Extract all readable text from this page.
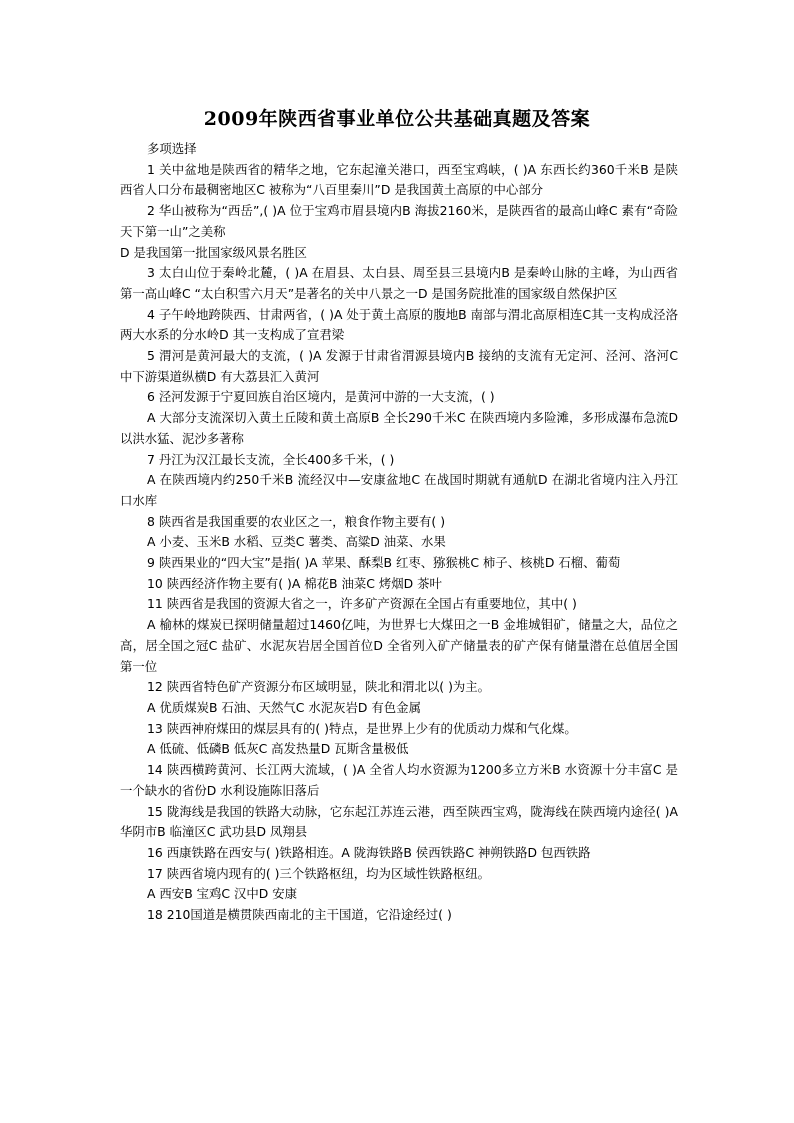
2009年陕西省事业单位公共基础真题及答案

多项选择

1 关中盆地是陕西省的精华之地，它东起潼关港口，西至宝鸡峡，( )A 东西长约360千米B 是陕西省人口分布最稠密地区C 被称为“八百里秦川”D 是我国黄土高原的中心部分

2 华山被称为“西岳”,( )A 位于宝鸡市眉县境内B 海拔2160米，是陕西省的最高山峰C 素有“奇险天下第一山”之美称

D 是我国第一批国家级风景名胜区

3 太白山位于秦岭北麓，( )A 在眉县、太白县、周至县三县境内B 是秦岭山脉的主峰，为山西省第一高山峰C “太白积雪六月天”是著名的关中八景之一D 是国务院批准的国家级自然保护区

4 子午岭地跨陕西、甘肃两省，( )A 处于黄土高原的腹地B 南部与渭北高原相连C其一支构成泾洛两大水系的分水岭D 其一支构成了宣君梁

5 渭河是黄河最大的支流，( )A 发源于甘肃省渭源县境内B 接纳的支流有无定河、泾河、洛河C 中下游渠道纵横D 有大荔县汇入黄河

6 泾河发源于宁夏回族自治区境内，是黄河中游的一大支流，( )

A 大部分支流深切入黄土丘陵和黄土高原B 全长290千米C 在陕西境内多险滩，多形成瀑布急流D 以洪水猛、泥沙多著称

7 丹江为汉江最长支流，全长400多千米，( )

A 在陕西境内约250千米B 流经汉中—安康盆地C 在战国时期就有通航D 在湖北省境内注入丹江口水库

8 陕西省是我国重要的农业区之一，粮食作物主要有( )

A 小麦、玉米B 水稻、豆类C 薯类、高粱D 油菜、水果

9 陕西果业的“四大宝”是指( )A 苹果、酥梨B 红枣、猕猴桃C 柿子、核桃D 石榴、葡萄

10 陕西经济作物主要有( )A 棉花B 油菜C 烤烟D 茶叶

11 陕西省是我国的资源大省之一，许多矿产资源在全国占有重要地位，其中( )

A 榆林的煤炭已探明储量超过1460亿吨，为世界七大煤田之一B 金堆城钼矿，储量之大，品位之高，居全国之冠C 盐矿、水泥灰岩居全国首位D 全省列入矿产储量表的矿产保有储量潜在总值居全国第一位

12 陕西省特色矿产资源分布区域明显，陕北和渭北以( )为主。

A 优质煤炭B 石油、天然气C 水泥灰岩D 有色金属

13 陕西神府煤田的煤层具有的( )特点，是世界上少有的优质动力煤和气化煤。

A 低硫、低磷B 低灰C 高发热量D 瓦斯含量极低

14 陕西横跨黄河、长江两大流域，( )A 全省人均水资源为1200多立方米B 水资源十分丰富C 是一个缺水的省份D 水利设施陈旧落后

15 陇海线是我国的铁路大动脉，它东起江苏连云港，西至陕西宝鸡，陇海线在陕西境内途径( )A 华阴市B 临潼区C 武功县D 凤翔县

16 西康铁路在西安与( )铁路相连。A 陇海铁路B 侯西铁路C 神朔铁路D 包西铁路

17 陕西省境内现有的( )三个铁路枢纽，均为区域性铁路枢纽。

A 西安B 宝鸡C 汉中D 安康

18 210国道是横贯陕西南北的主干国道，它沿途经过( )
